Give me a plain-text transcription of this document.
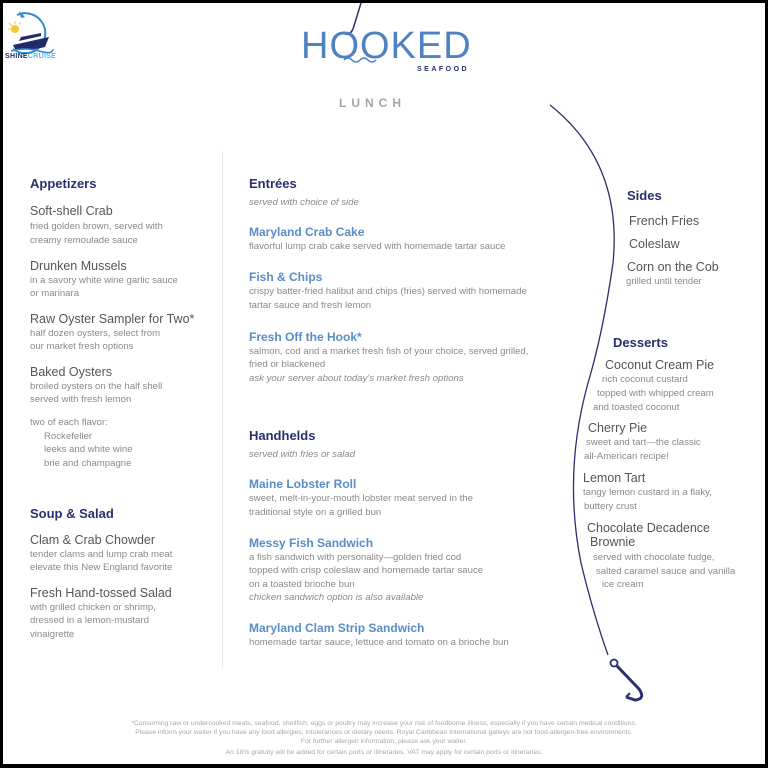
SHINECRUISE	HOOKED
SEAFOOD
LUNCH
Appetizers
Soft-shell Crab
fried golden brown, served with
creamy remoulade sauce
Drunken Mussels
in a savory white wine garlic sauce
or marinara
Raw Oyster Sampler for Two*
half dozen oysters, select from
our market fresh options
Baked Oysters
broiled oysters on the half shell
served with fresh lemon
two of each flavor:
Rockefeller
leeks and white wine
brie and champagne
Soup & Salad
Clam & Crab Chowder
tender clams and lump crab meat
elevate this New England favorite
Fresh Hand-tossed Salad
with grilled chicken or shrimp,
dressed in a lemon-mustard
vinaigrette
Entrées
served with choice of side
Maryland Crab Cake
flavorful lump crab cake served with homemade tartar sauce
Fish & Chips
crispy batter-fried halibut and chips (fries) served with homemade
tartar sauce and fresh lemon
Fresh Off the Hook*
salmon, cod and a market fresh fish of your choice, served grilled,
fried or blackened
ask your server about today's market fresh options
Handhelds
served with fries or salad
Maine Lobster Roll
sweet, melt-in-your-mouth lobster meat served in the
traditional style on a grilled bun
Messy Fish Sandwich
a fish sandwich with personality—golden fried cod
topped with crisp coleslaw and homemade tartar sauce
on a toasted brioche bun
chicken sandwich option is also available
Maryland Clam Strip Sandwich
homemade tartar sauce, lettuce and tomato on a brioche bun
Sides
French Fries
Coleslaw
Corn on the Cob
grilled until tender
Desserts
Coconut Cream Pie
rich coconut custard
topped with whipped cream
and toasted coconut
Cherry Pie
sweet and tart—the classic
all-American recipe!
Lemon Tart
tangy lemon custard in a flaky,
buttery crust
Chocolate Decadence
Brownie
served with chocolate fudge,
salted caramel sauce and vanilla
ice cream
*Consuming raw or undercooked meats, seafood, shellfish, eggs or poultry may increase your risk of foodborne illness, especially if you have certain medical conditions.
Please inform your waiter if you have any food allergies, intolerances or dietary needs. Royal Caribbean International galleys are not food-allergen-free environments.
For further allergen information, please ask your waiter.
An 18% gratuity will be added for certain ports or itineraries. VAT may apply for certain ports or itineraries.
